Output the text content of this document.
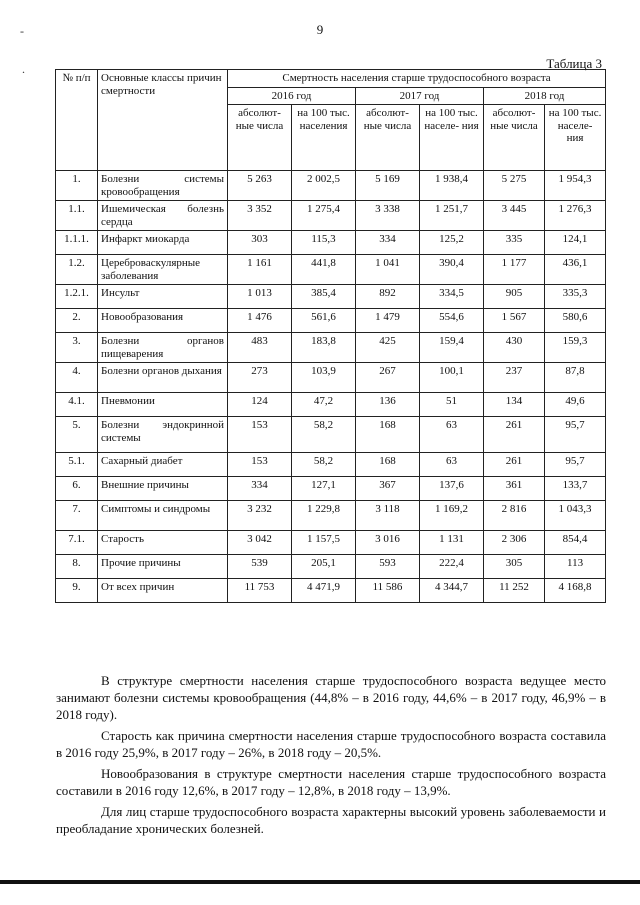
-
.
9
Таблица 3
№ п/п	Основные классы причин смертности	Смертность населения старше трудоспособного возраста					
		2016 год		2017 год		2018 год	
		абсолют- ные числа	на 100 тыс. населения	абсолют- ные числа	на 100 тыс. населе- ния	абсолют- ные числа	на 100 тыс. населе- ния
1.	Болезни системы кровообращения	5 263	2 002,5	5 169	1 938,4	5 275	1 954,3
1.1.	Ишемическая болезнь сердца	3 352	1 275,4	3 338	1 251,7	3 445	1 276,3
1.1.1.	Инфаркт миокарда	303	115,3	334	125,2	335	124,1
1.2.	Цереброваскулярные заболевания	1 161	441,8	1 041	390,4	1 177	436,1
1.2.1.	Инсульт	1 013	385,4	892	334,5	905	335,3
2.	Новообразования	1 476	561,6	1 479	554,6	1 567	580,6
3.	Болезни органов пищеварения	483	183,8	425	159,4	430	159,3
4.	Болезни органов дыхания	273	103,9	267	100,1	237	87,8
4.1.	Пневмонии	124	47,2	136	51	134	49,6
5.	Болезни эндокринной системы	153	58,2	168	63	261	95,7
5.1.	Сахарный диабет	153	58,2	168	63	261	95,7
6.	Внешние причины	334	127,1	367	137,6	361	133,7
7.	Симптомы и синдромы	3 232	1 229,8	3 118	1 169,2	2 816	1 043,3
7.1.	Старость	3 042	1 157,5	3 016	1 131	2 306	854,4
8.	Прочие причины	539	205,1	593	222,4	305	113
9.	От всех причин	11 753	4 471,9	11 586	4 344,7	11 252	4 168,8

В структуре смертности населения старше трудоспособного возраста ведущее место занимают болезни системы кровообращения (44,8% – в 2016 году, 44,6% – в 2017 году, 46,9% – в 2018 году).

Старость как причина смертности населения старше трудоспособного возраста составила в 2016 году 25,9%, в 2017 году – 26%, в 2018 году – 20,5%.

Новообразования в структуре смертности населения старше трудоспособного возраста составили в 2016 году 12,6%, в 2017 году – 12,8%, в 2018 году – 13,9%.

Для лиц старше трудоспособного возраста характерны высокий уровень заболеваемости и преобладание хронических болезней.
